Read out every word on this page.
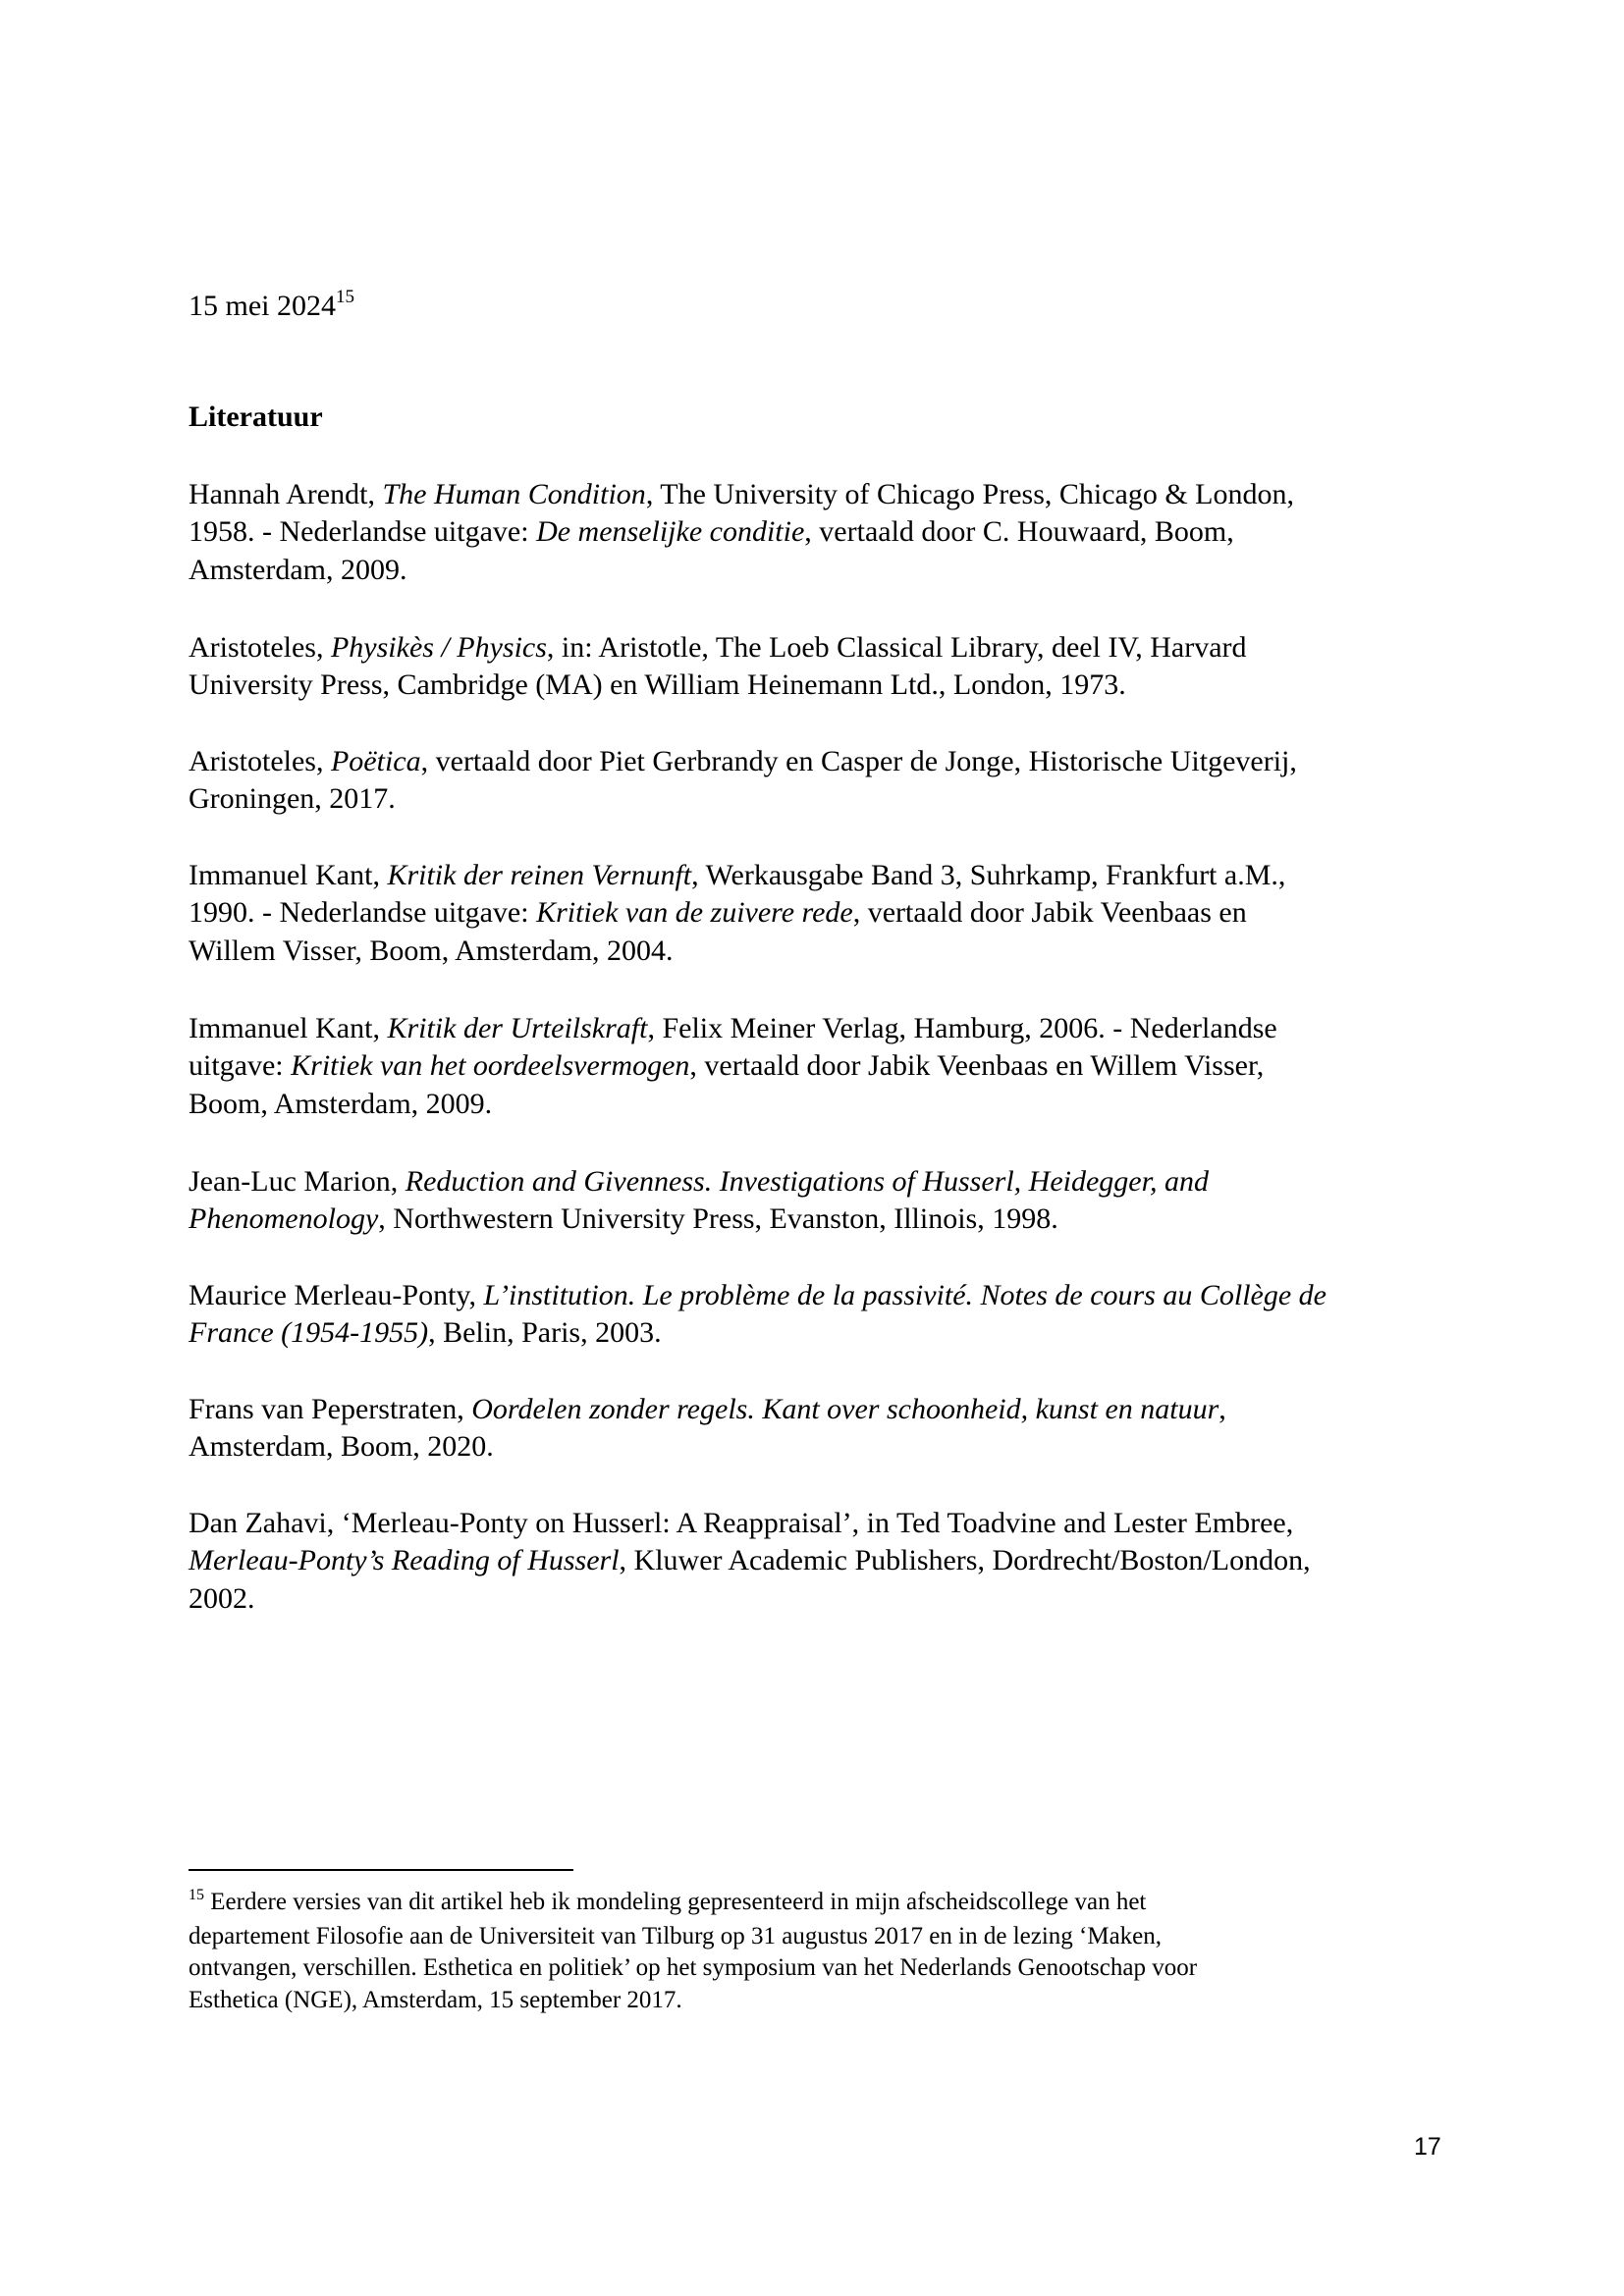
15 mei 2024$^{15}$
Literatuur
Hannah Arendt, The Human Condition, The University of Chicago Press, Chicago & London,
1958. - Nederlandse uitgave: De menselijke conditie, vertaald door C. Houwaard, Boom,
Amsterdam, 2009.
Aristoteles, Physikès / Physics, in: Aristotle, The Loeb Classical Library, deel IV, Harvard
University Press, Cambridge (MA) en William Heinemann Ltd., London, 1973.
Aristoteles, Poëtica, vertaald door Piet Gerbrandy en Casper de Jonge, Historische Uitgeverij,
Groningen, 2017.
Immanuel Kant, Kritik der reinen Vernunft, Werkausgabe Band 3, Suhrkamp, Frankfurt a.M.,
1990. - Nederlandse uitgave: Kritiek van de zuivere rede, vertaald door Jabik Veenbaas en
Willem Visser, Boom, Amsterdam, 2004.
Immanuel Kant, Kritik der Urteilskraft, Felix Meiner Verlag, Hamburg, 2006. - Nederlandse
uitgave: Kritiek van het oordeelsvermogen, vertaald door Jabik Veenbaas en Willem Visser,
Boom, Amsterdam, 2009.
Jean-Luc Marion, Reduction and Givenness. Investigations of Husserl, Heidegger, and
Phenomenology, Northwestern University Press, Evanston, Illinois, 1998.
Maurice Merleau-Ponty, L’institution. Le problème de la passivité. Notes de cours au Collège de
France (1954-1955), Belin, Paris, 2003.
Frans van Peperstraten, Oordelen zonder regels. Kant over schoonheid, kunst en natuur,
Amsterdam, Boom, 2020.
Dan Zahavi, ‘Merleau-Ponty on Husserl: A Reappraisal’, in Ted Toadvine and Lester Embree,
Merleau-Ponty’s Reading of Husserl, Kluwer Academic Publishers, Dordrecht/Boston/London,
2002.
$^{15}$ Eerdere versies van dit artikel heb ik mondeling gepresenteerd in mijn afscheidscollege van het
departement Filosofie aan de Universiteit van Tilburg op 31 augustus 2017 en in de lezing ‘Maken,
ontvangen, verschillen. Esthetica en politiek’ op het symposium van het Nederlands Genootschap voor
Esthetica (NGE), Amsterdam, 15 september 2017.
17
